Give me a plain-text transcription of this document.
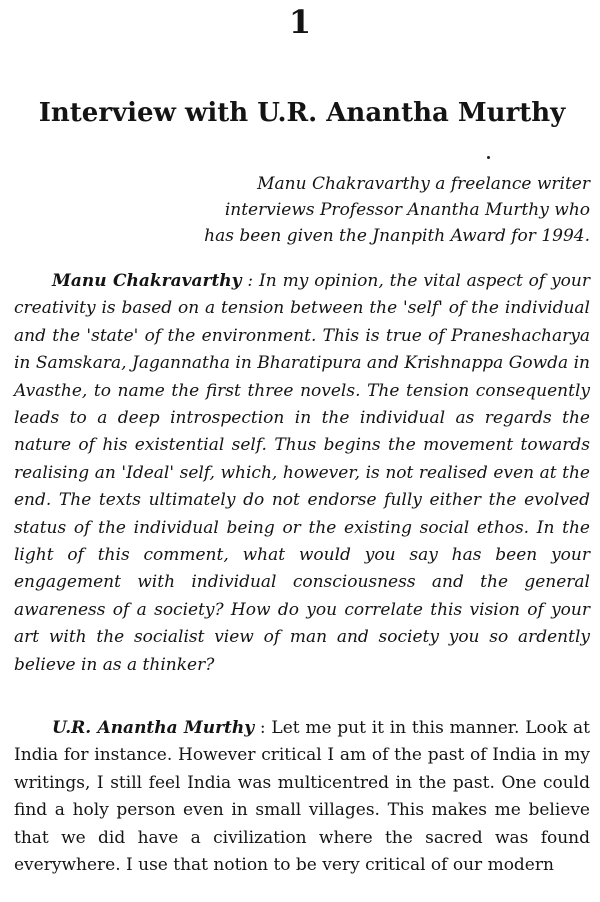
1
Interview with U.R. Anantha Murthy
Manu Chakravarthy a freelance writer
interviews Professor Anantha Murthy who
has been given the Jnanpith Award for 1994.

Manu Chakravarthy : In my opinion, the vital aspect of your creativity is based on a tension between the 'self' of the individual and the 'state' of the environment. This is true of Praneshacharya in Samskara, Jagannatha in Bharatipura and Krishnappa Gowda in Avasthe, to name the first three novels. The tension consequently leads to a deep introspection in the individual as regards the nature of his existential self. Thus begins the movement towards realising an 'Ideal' self, which, however, is not realised even at the end. The texts ultimately do not endorse fully either the evolved status of the individual being or the existing social ethos. In the light of this comment, what would you say has been your engagement with individual consciousness and the general awareness of a society? How do you correlate this vision of your art with the socialist view of man and society you so ardently believe in as a thinker?

U.R. Anantha Murthy : Let me put it in this manner. Look at India for instance. However critical I am of the past of India in my writings, I still feel India was multicentred in the past. One could find a holy person even in small villages. This makes me believe that we did have a civilization where the sacred was found everywhere. I use that notion to be very critical of our modern
